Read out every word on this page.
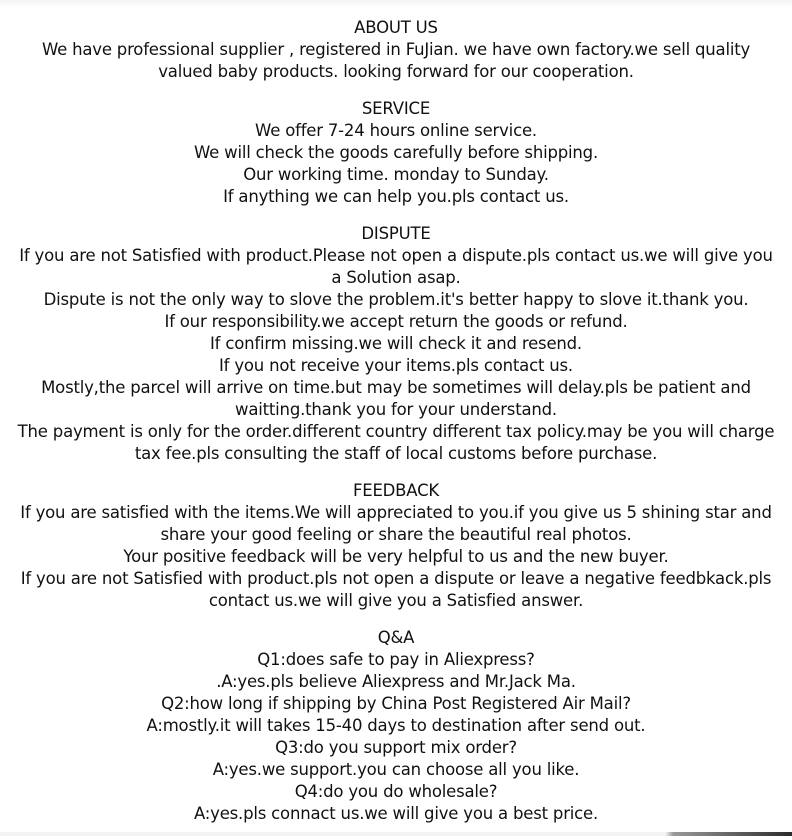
ABOUT US
We have professional supplier , registered in FuJian. we have own factory.we sell quality valued baby products. looking forward for our cooperation.
SERVICE
We offer 7-24 hours online service.
We will check the goods carefully before shipping.
Our working time. monday to Sunday.
If anything we can help you.pls contact us.
DISPUTE
If you are not Satisfied with product.Please not open a dispute.pls contact us.we will give you a Solution asap.
Dispute is not the only way to slove the problem.it's better happy to slove it.thank you.
If our responsibility.we accept return the goods or refund.
If confirm missing.we will check it and resend.
If you not receive your items.pls contact us.
Mostly,the parcel will arrive on time.but may be sometimes will delay.pls be patient and waitting.thank you for your understand.
The payment is only for the order.different country different tax policy.may be you will charge tax fee.pls consulting the staff of local customs before purchase.
FEEDBACK
If you are satisfied with the items.We will appreciated to you.if you give us 5 shining star and share your good feeling or share the beautiful real photos.
Your positive feedback will be very helpful to us and the new buyer.
If you are not Satisfied with product.pls not open a dispute or leave a negative feedbkack.pls contact us.we will give you a Satisfied answer.
Q&A
Q1:does safe to pay in Aliexpress?
.A:yes.pls believe Aliexpress and Mr.Jack Ma.
Q2:how long if shipping by China Post Registered Air Mail?
A:mostly.it will takes 15-40 days to destination after send out.
Q3:do you support mix order?
A:yes.we support.you can choose all you like.
Q4:do you do wholesale?
A:yes.pls connact us.we will give you a best price.
